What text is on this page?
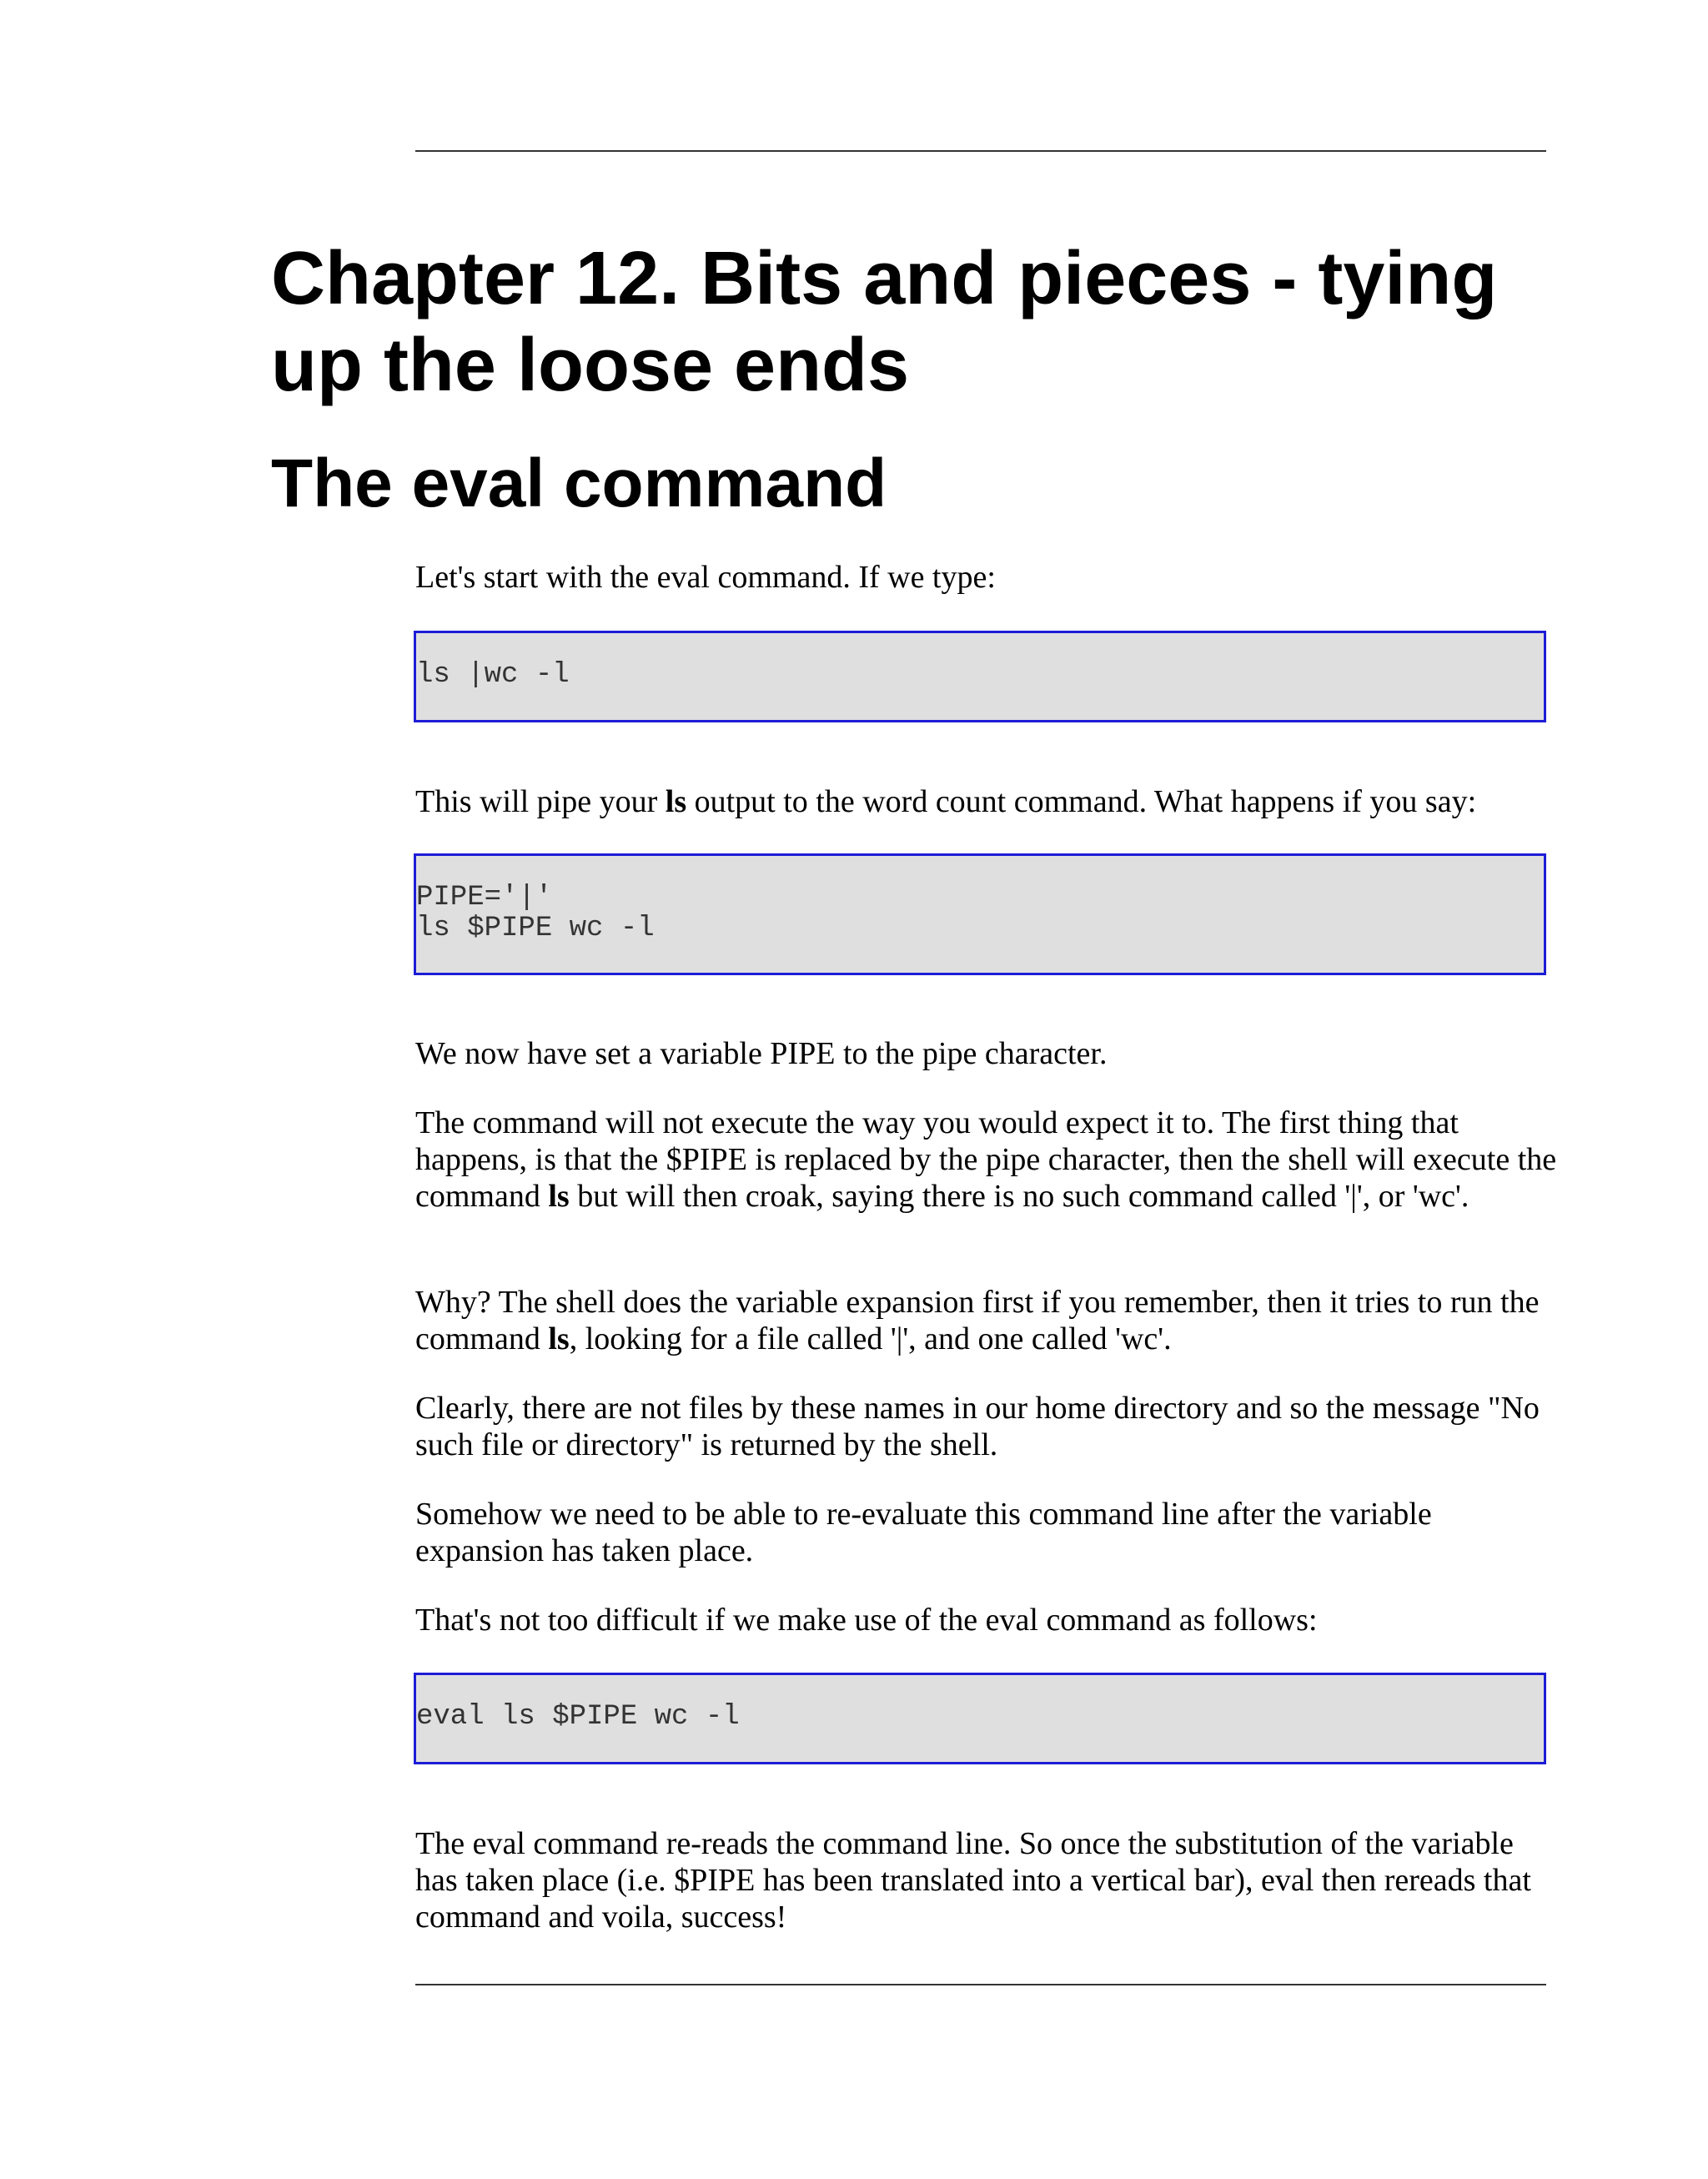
Chapter 12. Bits and pieces - tying up the loose ends
The eval command

Let's start with the eval command. If we type:

ls |wc -l

This will pipe your ls output to the word count command. What happens if you say:

PIPE='|'
ls $PIPE wc -l

We now have set a variable PIPE to the pipe character.

The command will not execute the way you would expect it to. The first thing that happens, is that the $PIPE is replaced by the pipe character, then the shell will execute the command ls but will then croak, saying there is no such command called '|', or 'wc'.

Why? The shell does the variable expansion first if you remember, then it tries to run the command ls, looking for a file called '|', and one called 'wc'.

Clearly, there are not files by these names in our home directory and so the message "No such file or directory" is returned by the shell.

Somehow we need to be able to re-evaluate this command line after the variable expansion has taken place.

That's not too difficult if we make use of the eval command as follows:

eval ls $PIPE wc -l

The eval command re-reads the command line. So once the substitution of the variable has taken place (i.e. $PIPE has been translated into a vertical bar), eval then rereads that command and voila, success!
